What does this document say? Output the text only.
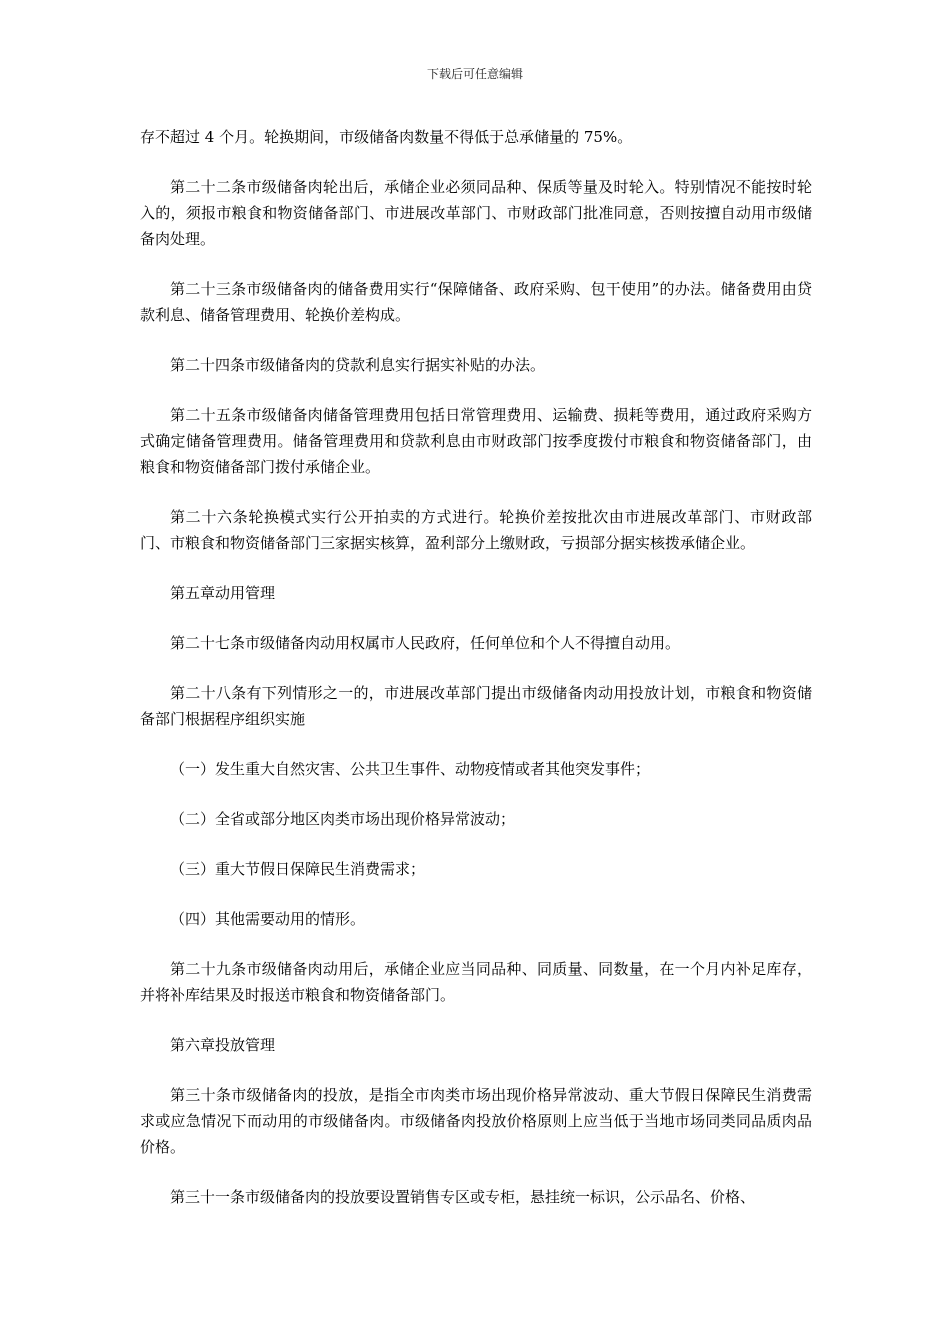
下载后可任意编辑

存不超过 4 个月。轮换期间，市级储备肉数量不得低于总承储量的 75%。

第二十二条市级储备肉轮出后，承储企业必须同品种、保质等量及时轮入。特别情况不能按时轮入的，须报市粮食和物资储备部门、市进展改革部门、市财政部门批准同意，否则按擅自动用市级储备肉处理。

第二十三条市级储备肉的储备费用实行“保障储备、政府采购、包干使用”的办法。储备费用由贷款利息、储备管理费用、轮换价差构成。

第二十四条市级储备肉的贷款利息实行据实补贴的办法。

第二十五条市级储备肉储备管理费用包括日常管理费用、运输费、损耗等费用，通过政府采购方式确定储备管理费用。储备管理费用和贷款利息由市财政部门按季度拨付市粮食和物资储备部门，由粮食和物资储备部门拨付承储企业。

第二十六条轮换模式实行公开拍卖的方式进行。轮换价差按批次由市进展改革部门、市财政部门、市粮食和物资储备部门三家据实核算，盈利部分上缴财政，亏损部分据实核拨承储企业。

第五章动用管理

第二十七条市级储备肉动用权属市人民政府，任何单位和个人不得擅自动用。

第二十八条有下列情形之一的，市进展改革部门提出市级储备肉动用投放计划，市粮食和物资储备部门根据程序组织实施

（一）发生重大自然灾害、公共卫生事件、动物疫情或者其他突发事件；

（二）全省或部分地区肉类市场出现价格异常波动；

（三）重大节假日保障民生消费需求；

（四）其他需要动用的情形。

第二十九条市级储备肉动用后，承储企业应当同品种、同质量、同数量，在一个月内补足库存，并将补库结果及时报送市粮食和物资储备部门。

第六章投放管理

第三十条市级储备肉的投放，是指全市肉类市场出现价格异常波动、重大节假日保障民生消费需求或应急情况下而动用的市级储备肉。市级储备肉投放价格原则上应当低于当地市场同类同品质肉品价格。

第三十一条市级储备肉的投放要设置销售专区或专柜，悬挂统一标识，公示品名、价格、
